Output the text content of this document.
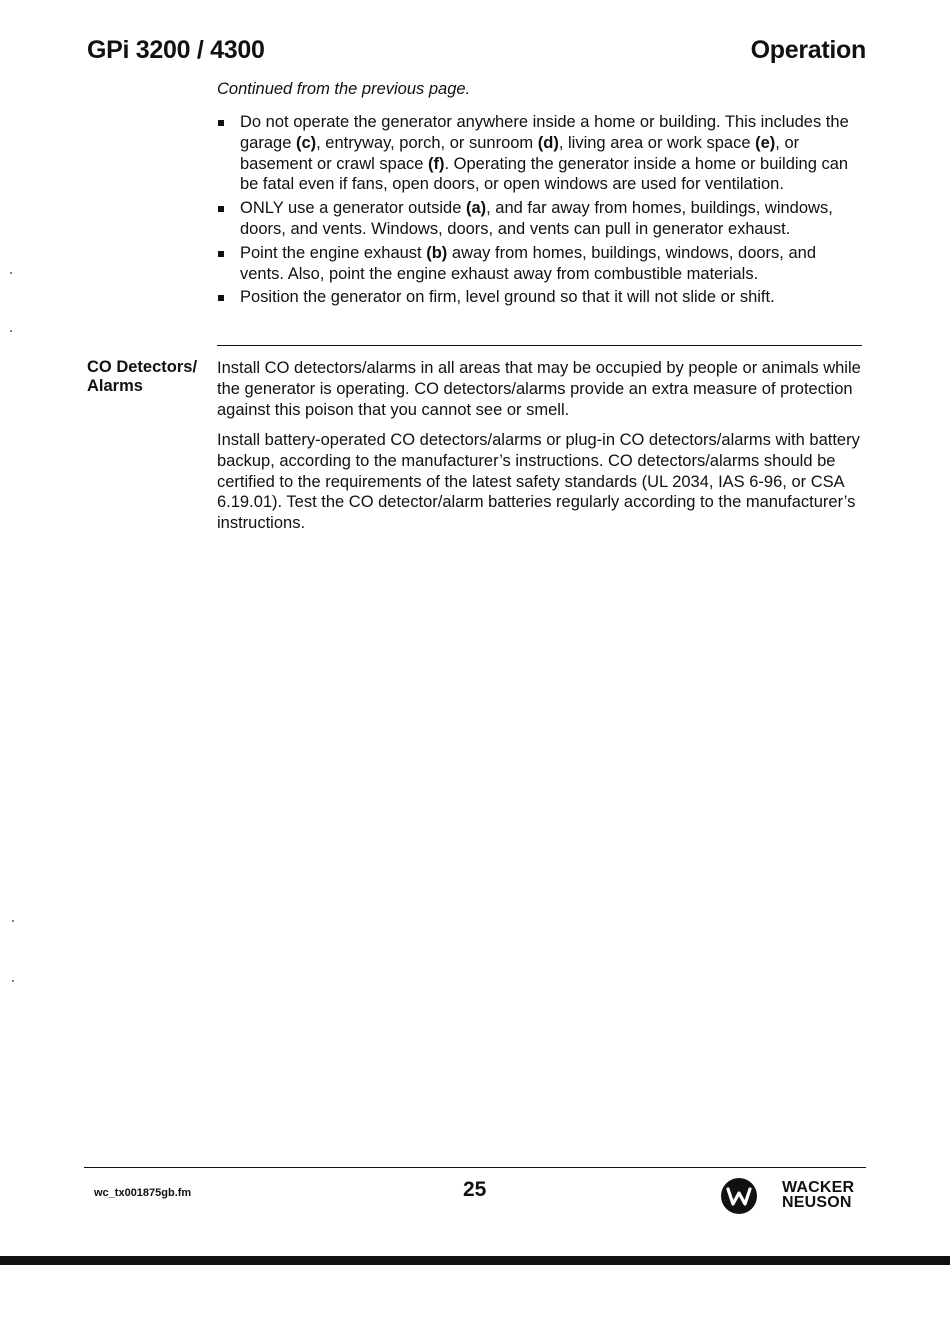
GPi 3200 / 4300	Operation
Continued from the previous page.
Do not operate the generator anywhere inside a home or building. This includes the garage (c), entryway, porch, or sunroom (d), living area or work space (e), or basement or crawl space (f). Operating the generator inside a home or building can be fatal even if fans, open doors, or open windows are used for ventilation.
ONLY use a generator outside (a), and far away from homes, buildings, windows, doors, and vents. Windows, doors, and vents can pull in generator exhaust.
Point the engine exhaust (b) away from homes, buildings, windows, doors, and vents. Also, point the engine exhaust away from combustible materials.
Position the generator on firm, level ground so that it will not slide or shift.
CO Detectors/ Alarms

Install CO detectors/alarms in all areas that may be occupied by people or animals while the generator is operating. CO detectors/alarms provide an extra measure of protection against this poison that you cannot see or smell.

Install battery-operated CO detectors/alarms or plug-in CO detectors/alarms with battery backup, according to the manufacturer’s instructions. CO detectors/alarms should be certified to the requirements of the latest safety standards (UL 2034, IAS 6-96, or CSA 6.19.01). Test the CO detector/alarm batteries regularly according to the manufacturer’s instructions.

wc_tx001875gb.fm	25	WACKER
NEUSON
